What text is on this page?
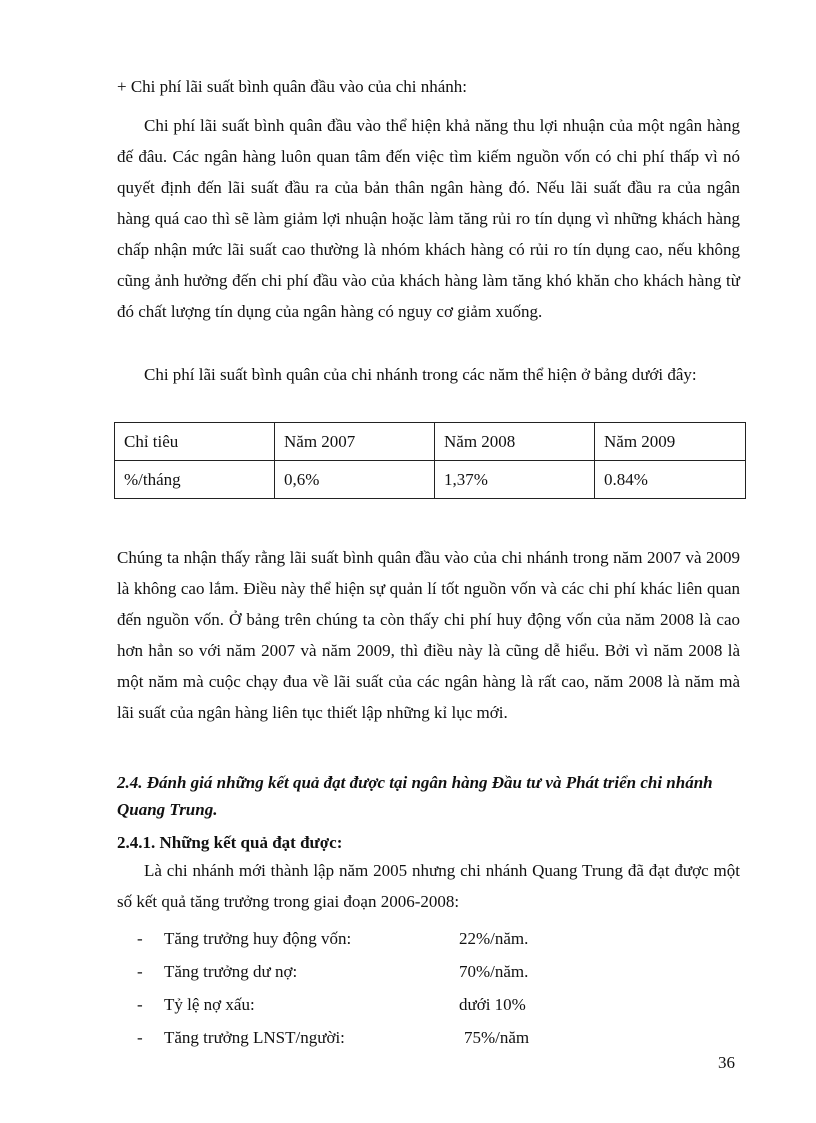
+ Chi phí lãi suất bình quân đầu vào của chi nhánh:

Chi phí lãi suất bình quân đầu vào thể hiện khả năng thu lợi nhuận của một ngân hàng đế đâu. Các ngân hàng luôn quan tâm đến việc tìm kiếm nguồn vốn có chi phí thấp vì nó quyết định đến lãi suất đầu ra của bản thân ngân hàng đó. Nếu lãi suất đầu ra của ngân hàng quá cao thì sẽ làm giảm lợi nhuận hoặc làm tăng rủi ro tín dụng vì những khách hàng chấp nhận mức lãi suất cao thường là nhóm khách hàng có rủi ro tín dụng cao, nếu không cũng ảnh hưởng đến chi phí đầu vào của khách hàng làm tăng khó khăn cho khách hàng từ đó chất lượng tín dụng của ngân hàng có nguy cơ giảm xuống.

Chi phí lãi suất bình quân của chi nhánh trong các năm thể hiện ở bảng dưới đây:

Chỉ tiêu	Năm 2007	Năm 2008	Năm 2009
%/tháng	0,6%	1,37%	0.84%

Chúng ta nhận thấy rằng lãi suất bình quân đầu vào của chi nhánh trong năm 2007 và 2009 là không cao lắm. Điều này thể hiện sự quản lí tốt nguồn vốn và các chi phí khác liên quan đến nguồn vốn. Ở bảng trên chúng ta còn thấy chi phí huy động vốn của năm 2008 là cao hơn hẳn so với năm 2007 và năm 2009, thì điều này là cũng dễ hiểu. Bởi vì năm 2008 là một năm mà cuộc chạy đua về lãi suất của các ngân hàng là rất cao, năm 2008 là năm mà lãi suất của ngân hàng liên tục thiết lập những kỉ lục mới.

2.4. Đánh giá những kết quả đạt được tại ngân hàng Đầu tư và Phát triển chi nhánh Quang Trung.

2.4.1. Những kết quả đạt được:

Là chi nhánh mới thành lập năm 2005 nhưng chi nhánh Quang Trung đã đạt được một số kết quả tăng trưởng trong giai đoạn 2006-2008:

- Tăng trưởng huy động vốn:	22%/năm.
- Tăng trưởng dư nợ:	70%/năm.
- Tỷ lệ nợ xấu:	dưới 10%
- Tăng trưởng LNST/người:	75%/năm
36
